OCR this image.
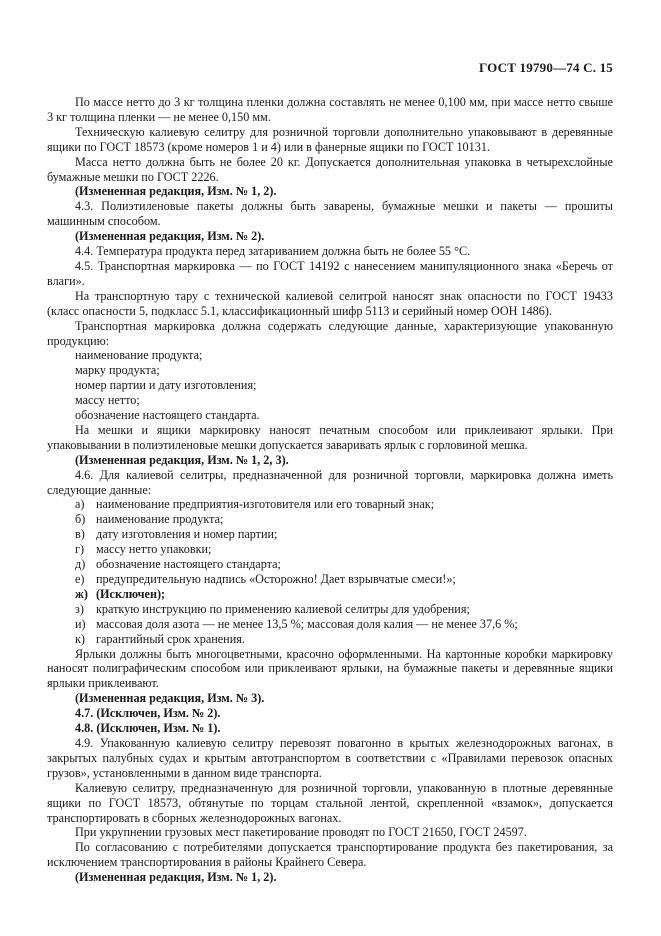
ГОСТ 19790—74 С. 15

По массе нетто до 3 кг толщина пленки должна составлять не менее 0,100 мм, при массе нетто свыше 3 кг толщина пленки — не менее 0,150 мм.

Техническую калиевую селитру для розничной торговли дополнительно упаковывают в деревянные ящики по ГОСТ 18573 (кроме номеров 1 и 4) или в фанерные ящики по ГОСТ 10131.

Масса нетто должна быть не более 20 кг. Допускается дополнительная упаковка в четырехслойные бумажные мешки по ГОСТ 2226.

(Измененная редакция, Изм. № 1, 2).

4.3. Полиэтиленовые пакеты должны быть заварены, бумажные мешки и пакеты — прошиты машинным способом.

(Измененная редакция, Изм. № 2).

4.4. Температура продукта перед затариванием должна быть не более 55 °С.

4.5. Транспортная маркировка — по ГОСТ 14192 с нанесением манипуляционного знака «Беречь от влаги».

На транспортную тару с технической калиевой селитрой наносят знак опасности по ГОСТ 19433 (класс опасности 5, подкласс 5.1, классификационный шифр 5113 и серийный номер ООН 1486).

Транспортная маркировка должна содержать следующие данные, характеризующие упакованную продукцию:

наименование продукта;

марку продукта;

номер партии и дату изготовления;

массу нетто;

обозначение настоящего стандарта.

На мешки и ящики маркировку наносят печатным способом или приклеивают ярлыки. При упаковывании в полиэтиленовые мешки допускается заваривать ярлык с горловиной мешка.

(Измененная редакция, Изм. № 1, 2, 3).

4.6. Для калиевой селитры, предназначенной для розничной торговли, маркировка должна иметь следующие данные:

а) наименование предприятия-изготовителя или его товарный знак;
б) наименование продукта;
в) дату изготовления и номер партии;
г) массу нетто упаковки;
д) обозначение настоящего стандарта;
е) предупредительную надпись «Осторожно! Дает взрывчатые смеси!»;
ж) (Исключен);
з) краткую инструкцию по применению калиевой селитры для удобрения;
и) массовая доля азота — не менее 13,5 %; массовая доля калия — не менее 37,6 %;
к) гарантийный срок хранения.

Ярлыки должны быть многоцветными, красочно оформленными. На картонные коробки маркировку наносят полиграфическим способом или приклеивают ярлыки, на бумажные пакеты и деревянные ящики ярлыки приклеивают.

(Измененная редакция, Изм. № 3).

4.7. (Исключен, Изм. № 2).

4.8. (Исключен, Изм. № 1).

4.9. Упакованную калиевую селитру перевозят повагонно в крытых железнодорожных вагонах, в закрытых палубных судах и крытым автотранспортом в соответствии с «Правилами перевозок опасных грузов», установленными в данном виде транспорта.

Калиевую селитру, предназначенную для розничной торговли, упакованную в плотные деревянные ящики по ГОСТ 18573, обтянутые по торцам стальной лентой, скрепленной «взамок», допускается транспортировать в сборных железнодорожных вагонах.

При укрупнении грузовых мест пакетирование проводят по ГОСТ 21650, ГОСТ 24597.

По согласованию с потребителями допускается транспортирование продукта без пакетирования, за исключением транспортирования в районы Крайнего Севера.

(Измененная редакция, Изм. № 1, 2).
